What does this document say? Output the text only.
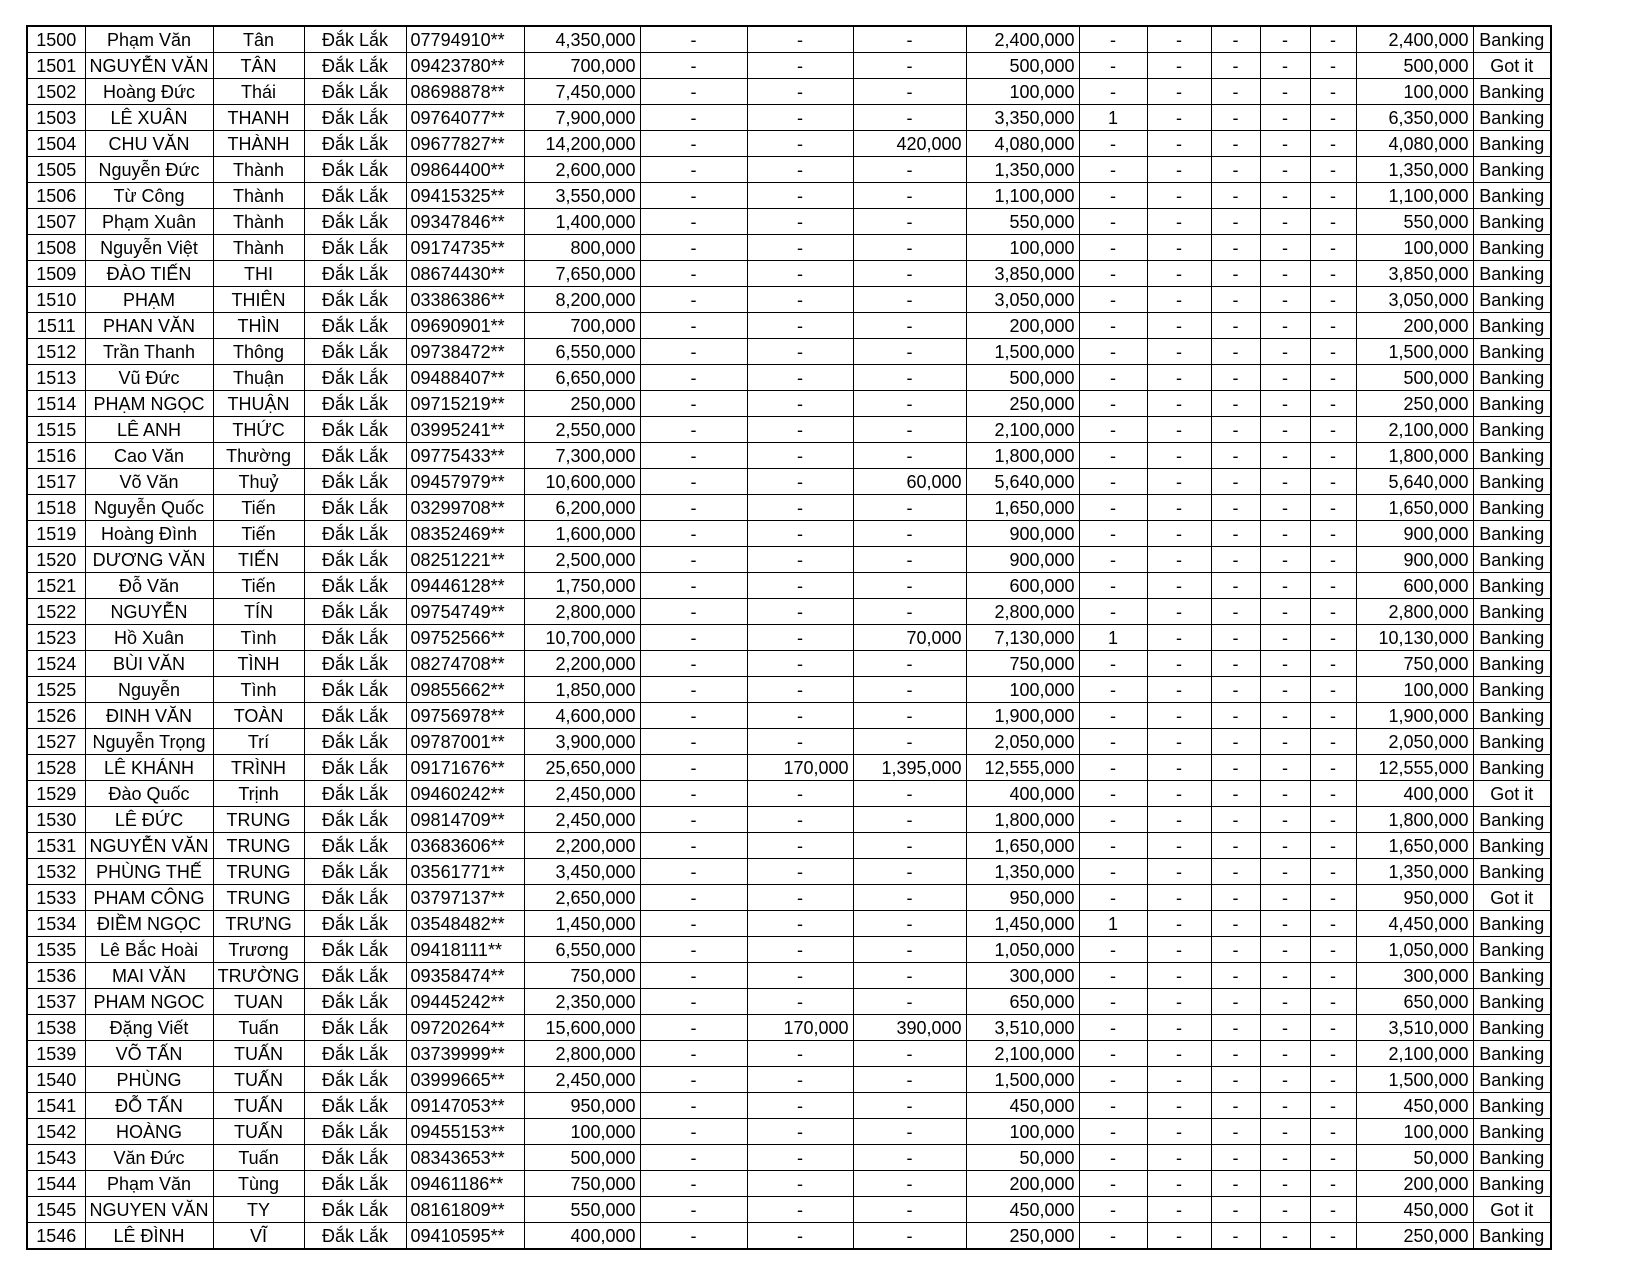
1500	Phạm Văn	Tân	Đắk Lắk	07794910**	4,350,000	-	-	-	2,400,000	-	-	-	-	-	2,400,000	Banking
1501	NGUYỄN VĂN	TÂN	Đắk Lắk	09423780**	700,000	-	-	-	500,000	-	-	-	-	-	500,000	Got it
1502	Hoàng Đức	Thái	Đắk Lắk	08698878**	7,450,000	-	-	-	100,000	-	-	-	-	-	100,000	Banking
1503	LÊ XUÂN	THANH	Đắk Lắk	09764077**	7,900,000	-	-	-	3,350,000	1	-	-	-	-	6,350,000	Banking
1504	CHU VĂN	THÀNH	Đắk Lắk	09677827**	14,200,000	-	-	420,000	4,080,000	-	-	-	-	-	4,080,000	Banking
1505	Nguyễn Đức	Thành	Đắk Lắk	09864400**	2,600,000	-	-	-	1,350,000	-	-	-	-	-	1,350,000	Banking
1506	Từ Công	Thành	Đắk Lắk	09415325**	3,550,000	-	-	-	1,100,000	-	-	-	-	-	1,100,000	Banking
1507	Phạm Xuân	Thành	Đắk Lắk	09347846**	1,400,000	-	-	-	550,000	-	-	-	-	-	550,000	Banking
1508	Nguyễn Việt	Thành	Đắk Lắk	09174735**	800,000	-	-	-	100,000	-	-	-	-	-	100,000	Banking
1509	ĐÀO TIẾN	THI	Đắk Lắk	08674430**	7,650,000	-	-	-	3,850,000	-	-	-	-	-	3,850,000	Banking
1510	PHẠM	THIÊN	Đắk Lắk	03386386**	8,200,000	-	-	-	3,050,000	-	-	-	-	-	3,050,000	Banking
1511	PHAN VĂN	THÌN	Đắk Lắk	09690901**	700,000	-	-	-	200,000	-	-	-	-	-	200,000	Banking
1512	Trần Thanh	Thông	Đắk Lắk	09738472**	6,550,000	-	-	-	1,500,000	-	-	-	-	-	1,500,000	Banking
1513	Vũ Đức	Thuận	Đắk Lắk	09488407**	6,650,000	-	-	-	500,000	-	-	-	-	-	500,000	Banking
1514	PHẠM NGỌC	THUẬN	Đắk Lắk	09715219**	250,000	-	-	-	250,000	-	-	-	-	-	250,000	Banking
1515	LÊ ANH	THỨC	Đắk Lắk	03995241**	2,550,000	-	-	-	2,100,000	-	-	-	-	-	2,100,000	Banking
1516	Cao Văn	Thường	Đắk Lắk	09775433**	7,300,000	-	-	-	1,800,000	-	-	-	-	-	1,800,000	Banking
1517	Võ Văn	Thuỷ	Đắk Lắk	09457979**	10,600,000	-	-	60,000	5,640,000	-	-	-	-	-	5,640,000	Banking
1518	Nguyễn Quốc	Tiến	Đắk Lắk	03299708**	6,200,000	-	-	-	1,650,000	-	-	-	-	-	1,650,000	Banking
1519	Hoàng Đình	Tiến	Đắk Lắk	08352469**	1,600,000	-	-	-	900,000	-	-	-	-	-	900,000	Banking
1520	DƯƠNG VĂN	TIẾN	Đắk Lắk	08251221**	2,500,000	-	-	-	900,000	-	-	-	-	-	900,000	Banking
1521	Đỗ Văn	Tiến	Đắk Lắk	09446128**	1,750,000	-	-	-	600,000	-	-	-	-	-	600,000	Banking
1522	NGUYỄN	TÍN	Đắk Lắk	09754749**	2,800,000	-	-	-	2,800,000	-	-	-	-	-	2,800,000	Banking
1523	Hồ Xuân	Tình	Đắk Lắk	09752566**	10,700,000	-	-	70,000	7,130,000	1	-	-	-	-	10,130,000	Banking
1524	BÙI VĂN	TÌNH	Đắk Lắk	08274708**	2,200,000	-	-	-	750,000	-	-	-	-	-	750,000	Banking
1525	Nguyễn	Tình	Đắk Lắk	09855662**	1,850,000	-	-	-	100,000	-	-	-	-	-	100,000	Banking
1526	ĐINH VĂN	TOÀN	Đắk Lắk	09756978**	4,600,000	-	-	-	1,900,000	-	-	-	-	-	1,900,000	Banking
1527	Nguyễn Trọng	Trí	Đắk Lắk	09787001**	3,900,000	-	-	-	2,050,000	-	-	-	-	-	2,050,000	Banking
1528	LÊ KHÁNH	TRÌNH	Đắk Lắk	09171676**	25,650,000	-	170,000	1,395,000	12,555,000	-	-	-	-	-	12,555,000	Banking
1529	Đào Quốc	Trịnh	Đắk Lắk	09460242**	2,450,000	-	-	-	400,000	-	-	-	-	-	400,000	Got it
1530	LÊ ĐỨC	TRUNG	Đắk Lắk	09814709**	2,450,000	-	-	-	1,800,000	-	-	-	-	-	1,800,000	Banking
1531	NGUYỄN VĂN	TRUNG	Đắk Lắk	03683606**	2,200,000	-	-	-	1,650,000	-	-	-	-	-	1,650,000	Banking
1532	PHÙNG THẾ	TRUNG	Đắk Lắk	03561771**	3,450,000	-	-	-	1,350,000	-	-	-	-	-	1,350,000	Banking
1533	PHAM CÔNG	TRUNG	Đắk Lắk	03797137**	2,650,000	-	-	-	950,000	-	-	-	-	-	950,000	Got it
1534	ĐIỀM NGỌC	TRƯNG	Đắk Lắk	03548482**	1,450,000	-	-	-	1,450,000	1	-	-	-	-	4,450,000	Banking
1535	Lê Bắc Hoài	Trương	Đắk Lắk	09418111**	6,550,000	-	-	-	1,050,000	-	-	-	-	-	1,050,000	Banking
1536	MAI VĂN	TRƯỜNG	Đắk Lắk	09358474**	750,000	-	-	-	300,000	-	-	-	-	-	300,000	Banking
1537	PHAM NGOC	TUAN	Đắk Lắk	09445242**	2,350,000	-	-	-	650,000	-	-	-	-	-	650,000	Banking
1538	Đặng Viết	Tuấn	Đắk Lắk	09720264**	15,600,000	-	170,000	390,000	3,510,000	-	-	-	-	-	3,510,000	Banking
1539	VÕ TẤN	TUẤN	Đắk Lắk	03739999**	2,800,000	-	-	-	2,100,000	-	-	-	-	-	2,100,000	Banking
1540	PHÙNG	TUẤN	Đắk Lắk	03999665**	2,450,000	-	-	-	1,500,000	-	-	-	-	-	1,500,000	Banking
1541	ĐỖ TẤN	TUẤN	Đắk Lắk	09147053**	950,000	-	-	-	450,000	-	-	-	-	-	450,000	Banking
1542	HOÀNG	TUẤN	Đắk Lắk	09455153**	100,000	-	-	-	100,000	-	-	-	-	-	100,000	Banking
1543	Văn Đức	Tuấn	Đắk Lắk	08343653**	500,000	-	-	-	50,000	-	-	-	-	-	50,000	Banking
1544	Phạm Văn	Tùng	Đắk Lắk	09461186**	750,000	-	-	-	200,000	-	-	-	-	-	200,000	Banking
1545	NGUYEN VĂN	TY	Đắk Lắk	08161809**	550,000	-	-	-	450,000	-	-	-	-	-	450,000	Got it
1546	LÊ ĐÌNH	VĨ	Đắk Lắk	09410595**	400,000	-	-	-	250,000	-	-	-	-	-	250,000	Banking
